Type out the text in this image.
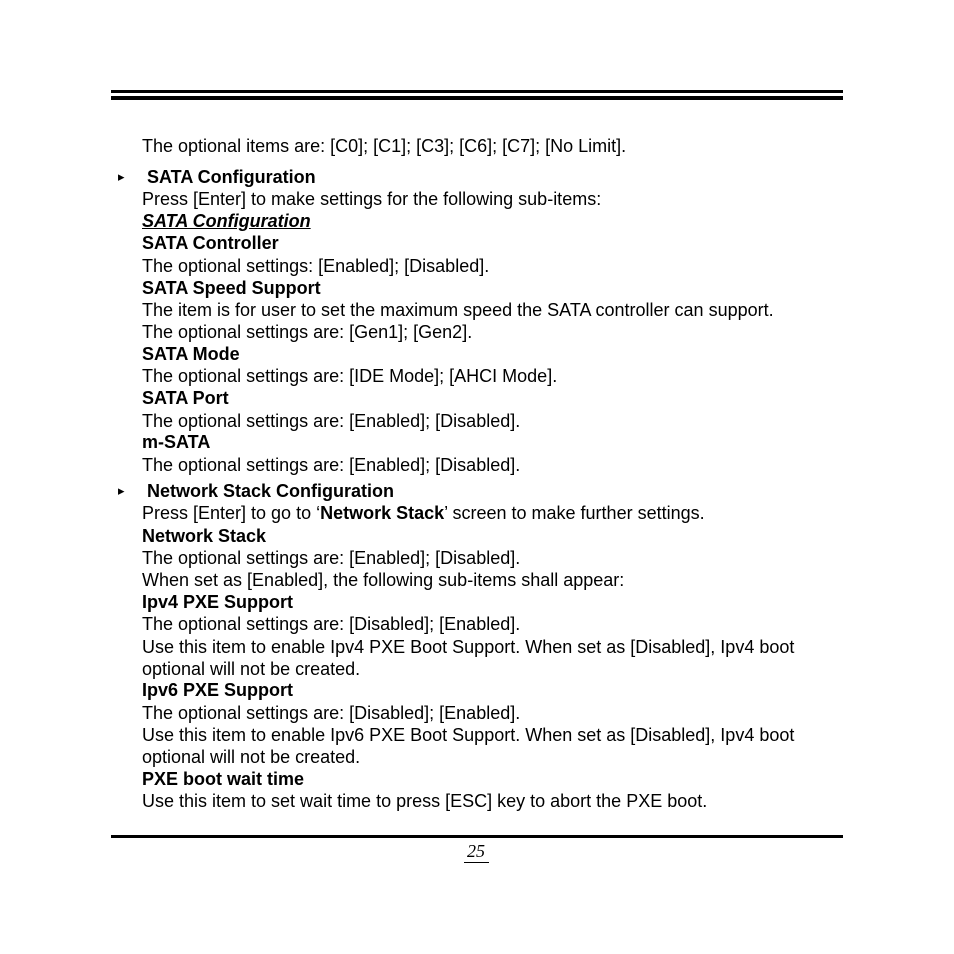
The optional items are: [C0]; [C1]; [C3]; [C6]; [C7]; [No Limit].
▸ SATA Configuration
Press [Enter] to make settings for the following sub-items:
SATA Configuration
SATA Controller
The optional settings: [Enabled]; [Disabled].
SATA Speed Support
The item is for user to set the maximum speed the SATA controller can support.
The optional settings are: [Gen1]; [Gen2].
SATA Mode
The optional settings are: [IDE Mode]; [AHCI Mode].
SATA Port
The optional settings are: [Enabled]; [Disabled].
m-SATA
The optional settings are: [Enabled]; [Disabled].
▸ Network Stack Configuration
Press [Enter] to go to ‘Network Stack’ screen to make further settings.
Network Stack
The optional settings are: [Enabled]; [Disabled].
When set as [Enabled], the following sub-items shall appear:
Ipv4 PXE Support
The optional settings are: [Disabled]; [Enabled].
Use this item to enable Ipv4 PXE Boot Support. When set as [Disabled], Ipv4 boot
optional will not be created.
Ipv6 PXE Support
The optional settings are: [Disabled]; [Enabled].
Use this item to enable Ipv6 PXE Boot Support. When set as [Disabled], Ipv4 boot
optional will not be created.
PXE boot wait time
Use this item to set wait time to press [ESC] key to abort the PXE boot.
25
